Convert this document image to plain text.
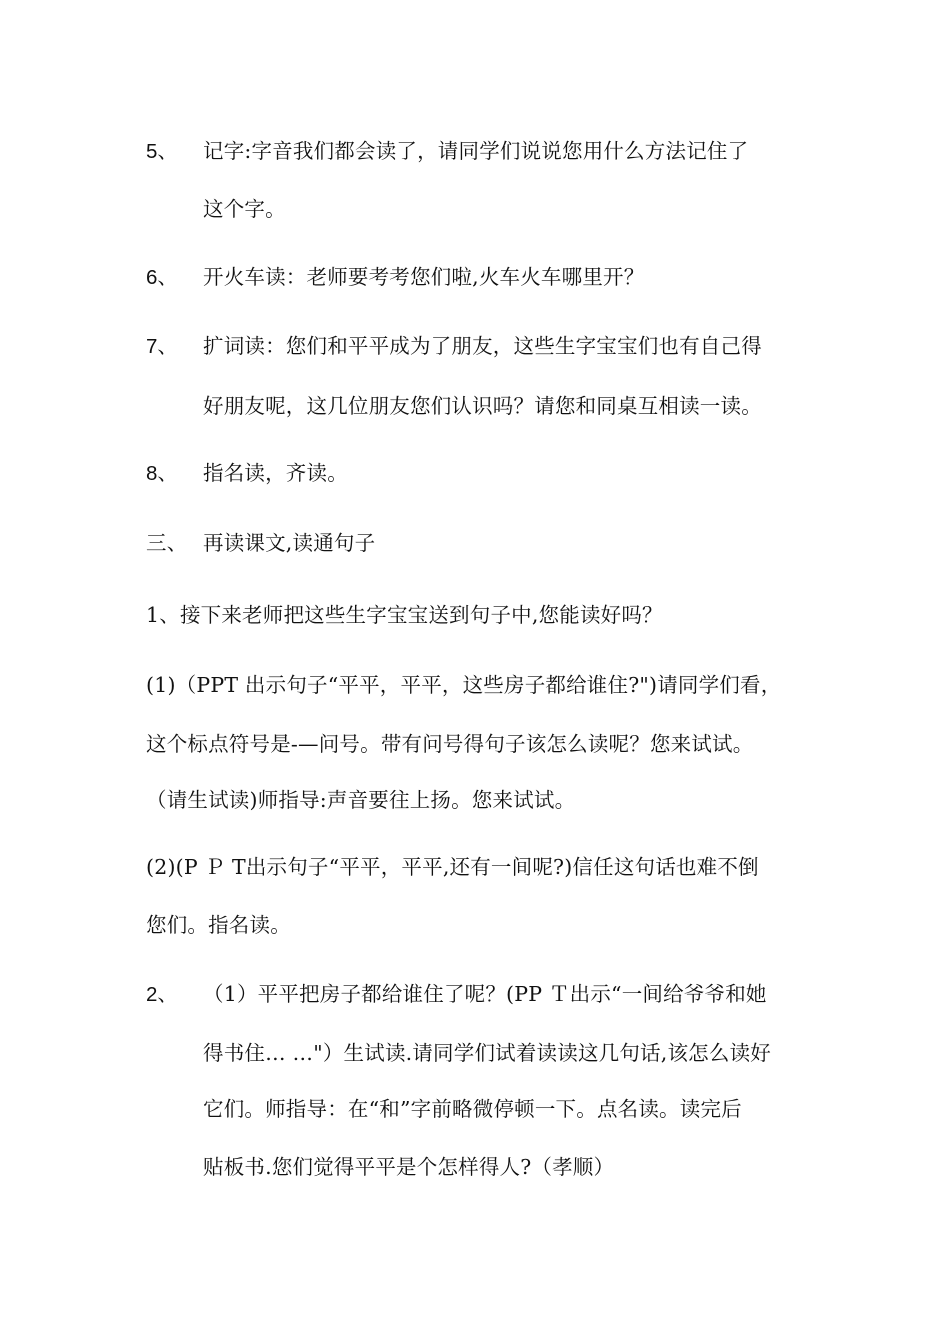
5、 记字:字音我们都会读了，请同学们说说您用什么方法记住了
这个字。
6、 开火车读：老师要考考您们啦,火车火车哪里开？
7、 扩词读：您们和平平成为了朋友，这些生字宝宝们也有自己得
好朋友呢，这几位朋友您们认识吗？请您和同桌互相读一读。
8、 指名读，齐读。
三、 再读课文,读通句子
1、接下来老师把这些生字宝宝送到句子中,您能读好吗？
(1)（PPT 出示句子“平平，平平，这些房子都给谁住?")请同学们看，
这个标点符号是-—问号。带有问号得句子该怎么读呢？您来试试。
（请生试读)师指导:声音要往上扬。您来试试。
(2)(P Ｐ T出示句子“平平，平平,还有一间呢?)信任这句话也难不倒
您们。指名读。
2、 （1）平平把房子都给谁住了呢？(PP Ｔ出示“一间给爷爷和她
得书住… …"）生试读.请同学们试着读读这几句话,该怎么读好
它们。师指导：在“和”字前略微停顿一下。点名读。读完后
贴板书.您们觉得平平是个怎样得人?（孝顺）
